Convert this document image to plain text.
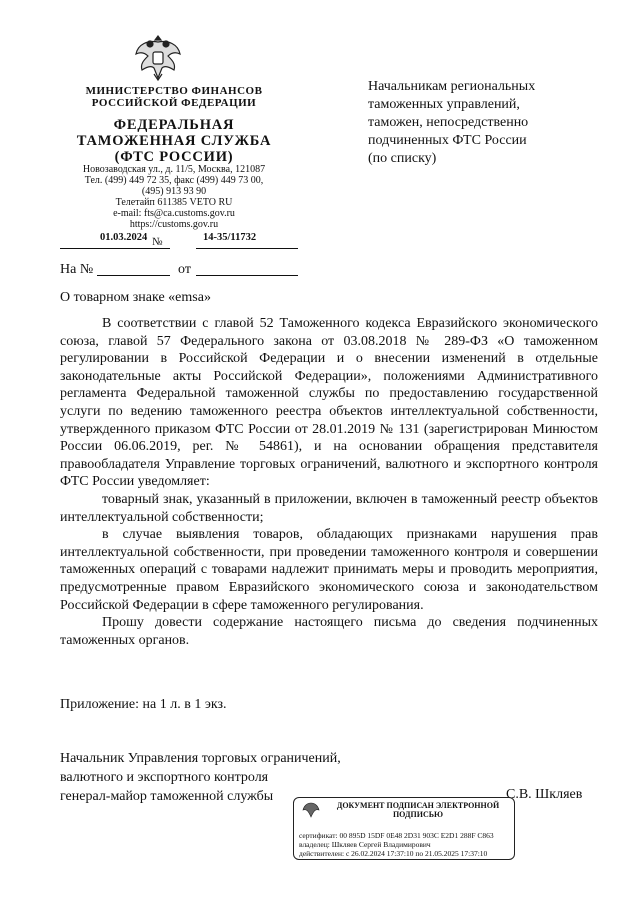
МИНИСТЕРСТВО ФИНАНСОВ
РОССИЙСКОЙ ФЕДЕРАЦИИ
ФЕДЕРАЛЬНАЯ
ТАМОЖЕННАЯ СЛУЖБА
(ФТС РОССИИ)
Новозаводская ул., д. 11/5, Москва, 121087
Тел. (499) 449 72 35, факс (499) 449 73 00,
(495) 913 93 90
Телетайп 611385 VETO RU
e-mail: fts@ca.customs.gov.ru
https://customs.gov.ru
01.03.2024 №	14-35/11732
На №	от
Начальникам региональных
таможенных управлений,
таможен, непосредственно
подчиненных ФТС России
(по списку)
О товарном знаке «emsa»

В соответствии с главой 52 Таможенного кодекса Евразийского экономического союза, главой 57 Федерального закона от 03.08.2018 № 289-ФЗ «О таможенном регулировании в Российской Федерации и о внесении изменений в отдельные законодательные акты Российской Федерации», положениями Административного регламента Федеральной таможенной службы по предоставлению государственной услуги по ведению таможенного реестра объектов интеллектуальной собственности, утвержденного приказом ФТС России от 28.01.2019 № 131 (зарегистрирован Минюстом России 06.06.2019, рег. № 54861), и на основании обращения представителя правообладателя Управление торговых ограничений, валютного и экспортного контроля ФТС России уведомляет:

товарный знак, указанный в приложении, включен в таможенный реестр объектов интеллектуальной собственности;

в случае выявления товаров, обладающих признаками нарушения прав интеллектуальной собственности, при проведении таможенного контроля и совершении таможенных операций с товарами надлежит принимать меры и проводить мероприятия, предусмотренные правом Евразийского экономического союза и законодательством Российской Федерации в сфере таможенного регулирования.

Прошу довести содержание настоящего письма до сведения подчиненных таможенных органов.

Приложение: на 1 л. в 1 экз.
Начальник Управления торговых ограничений,
валютного и экспортного контроля
генерал-майор таможенной службы	С.В. Шкляев
ДОКУМЕНТ ПОДПИСАН ЭЛЕКТРОННОЙ
ПОДПИСЬЮ
сертификат: 00 895D 15DF 0E48 2D31 903C E2D1 288F C863
владелец: Шкляев Сергей Владимирович
действителен: с 26.02.2024 17:37:10 по 21.05.2025 17:37:10
